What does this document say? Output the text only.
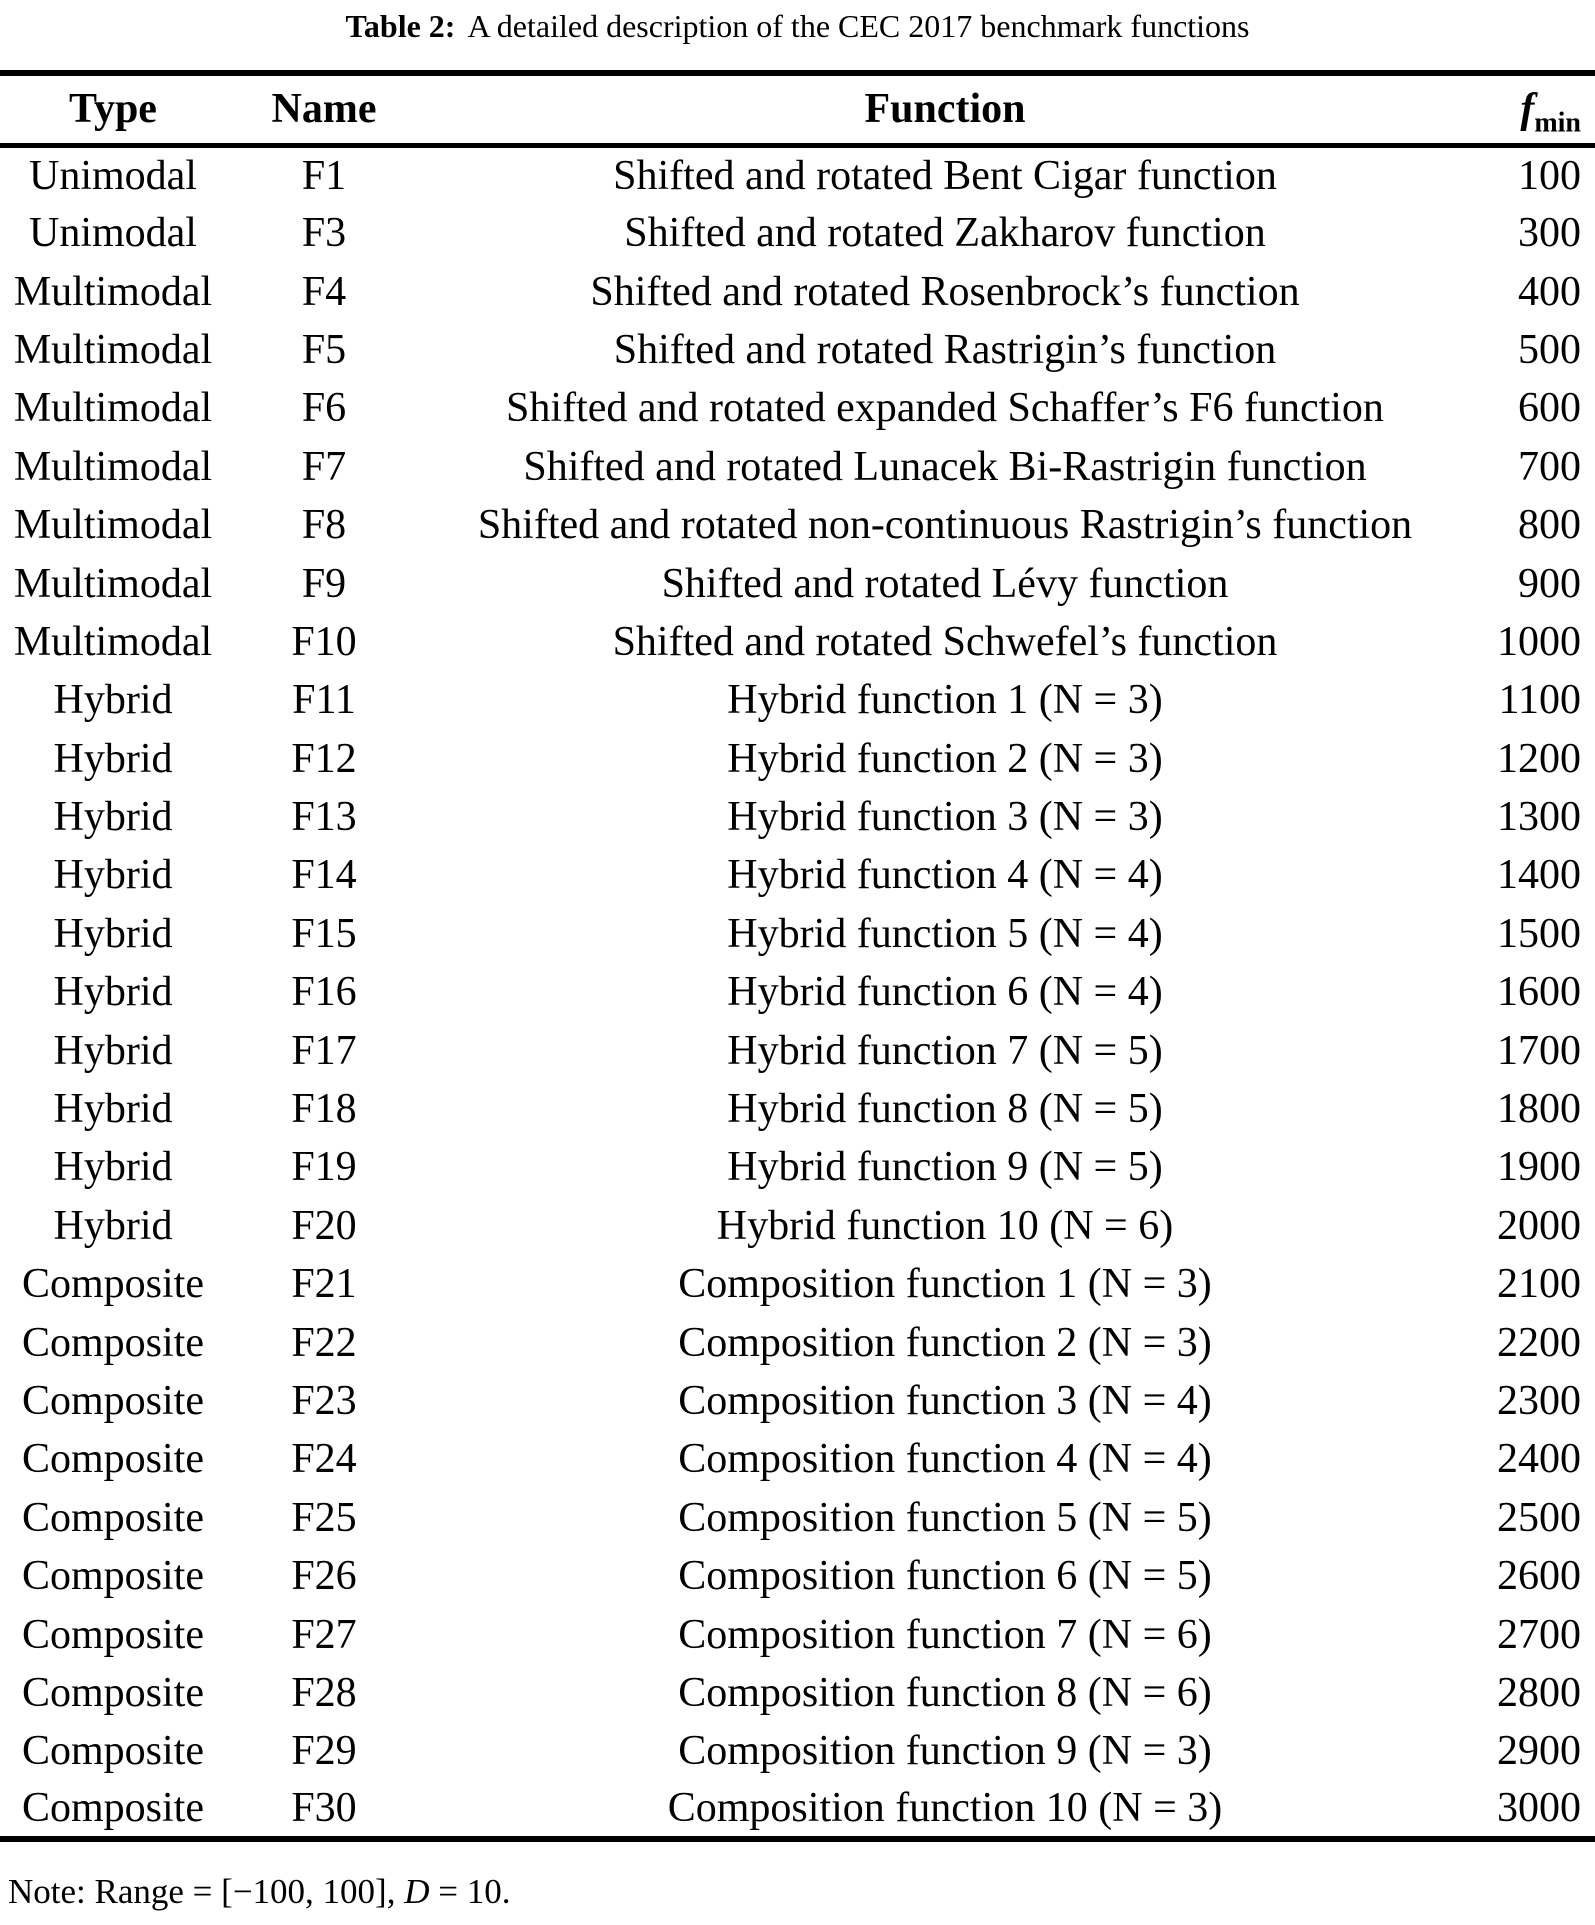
Table 2: A detailed description of the CEC 2017 benchmark functions
Type	Name	Function	$f_{min}$
Unimodal	F1	Shifted and rotated Bent Cigar function	100
Unimodal	F3	Shifted and rotated Zakharov function	300
Multimodal	F4	Shifted and rotated Rosenbrock’s function	400
Multimodal	F5	Shifted and rotated Rastrigin’s function	500
Multimodal	F6	Shifted and rotated expanded Schaffer’s F6 function	600
Multimodal	F7	Shifted and rotated Lunacek Bi-Rastrigin function	700
Multimodal	F8	Shifted and rotated non-continuous Rastrigin’s function	800
Multimodal	F9	Shifted and rotated Lévy function	900
Multimodal	F10	Shifted and rotated Schwefel’s function	1000
Hybrid	F11	Hybrid function 1 (N = 3)	1100
Hybrid	F12	Hybrid function 2 (N = 3)	1200
Hybrid	F13	Hybrid function 3 (N = 3)	1300
Hybrid	F14	Hybrid function 4 (N = 4)	1400
Hybrid	F15	Hybrid function 5 (N = 4)	1500
Hybrid	F16	Hybrid function 6 (N = 4)	1600
Hybrid	F17	Hybrid function 7 (N = 5)	1700
Hybrid	F18	Hybrid function 8 (N = 5)	1800
Hybrid	F19	Hybrid function 9 (N = 5)	1900
Hybrid	F20	Hybrid function 10 (N = 6)	2000
Composite	F21	Composition function 1 (N = 3)	2100
Composite	F22	Composition function 2 (N = 3)	2200
Composite	F23	Composition function 3 (N = 4)	2300
Composite	F24	Composition function 4 (N = 4)	2400
Composite	F25	Composition function 5 (N = 5)	2500
Composite	F26	Composition function 6 (N = 5)	2600
Composite	F27	Composition function 7 (N = 6)	2700
Composite	F28	Composition function 8 (N = 6)	2800
Composite	F29	Composition function 9 (N = 3)	2900
Composite	F30	Composition function 10 (N = 3)	3000
Note: Range = [−100, 100], D = 10.
